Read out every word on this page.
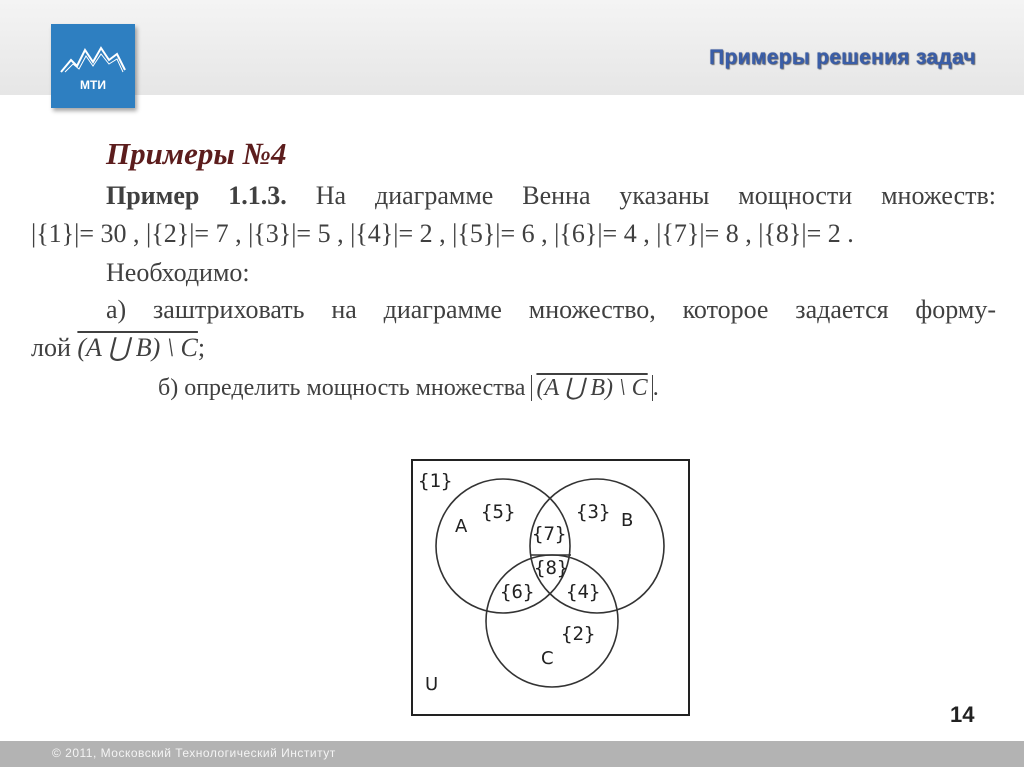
МТИ
Примеры решения задач
Примеры №4
Пример 1.1.3. На диаграмме Венна указаны мощности множеств:
|{1}|= 30 , |{2}|= 7 , |{3}|= 5 , |{4}|= 2 , |{5}|= 6 , |{6}|= 4 , |{7}|= 8 , |{8}|= 2 .
Необходимо:
а) заштриховать на диаграмме множество, которое задается форму-
лой (A ⋃ B) \ C;
б) определить мощность множества (A ⋃ B) \ C .
{1}
{5}	{3}
{7}
{8}
{6} {4}
{2}
A	B
C
U
14
© 2011, Московский Технологический Институт
